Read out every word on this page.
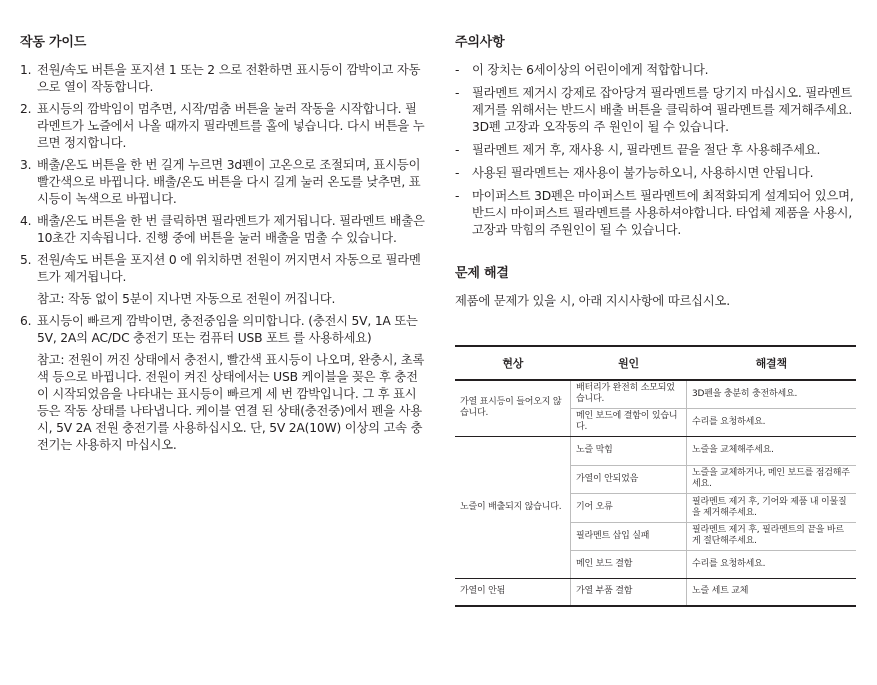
작동 가이드
1. 전원/속도 버튼을 포지션 1 또는 2 으로 전환하면 표시등이 깜박이고 자동으로 열이 작동합니다.
2. 표시등의 깜박임이 멈추면, 시작/멈춤 버튼을 눌러 작동을 시작합니다. 필라멘트가 노즐에서 나올 때까지 필라멘트를 홀에 넣습니다. 다시 버튼을 누르면 정지합니다.
3. 배출/온도 버튼을 한 번 길게 누르면 3d펜이 고온으로 조절되며, 표시등이 빨간색으로 바뀝니다. 배출/온도 버튼을 다시 길게 눌러 온도를 낮추면, 표시등이 녹색으로 바뀝니다.
4. 배출/온도 버튼을 한 번 클릭하면 필라멘트가 제거됩니다. 필라멘트 배출은 10초간 지속됩니다. 진행 중에 버튼을 눌러 배출을 멈출 수 있습니다.
5. 전원/속도 버튼을 포지션 0 에 위치하면 전원이 꺼지면서 자동으로 필라멘트가 제거됩니다.
참고: 작동 없이 5분이 지나면 자동으로 전원이 꺼집니다.
6. 표시등이 빠르게 깜박이면, 충전중임을 의미합니다. (충전시 5V, 1A 또는 5V, 2A의 AC/DC 충전기 또는 컴퓨터 USB 포트 를 사용하세요)
참고: 전원이 꺼진 상태에서 충전시, 빨간색 표시등이 나오며, 완충시, 초록색 등으로 바뀝니다. 전원이 켜진 상태에서는 USB 케이블을 꽂은 후 충전이 시작되었음을 나타내는 표시등이 빠르게 세 번 깜박입니다. 그 후 표시등은 작동 상태를 나타냅니다. 케이블 연결 된 상태(충전중)에서 펜을 사용 시, 5V 2A 전원 충전기를 사용하십시오. 단, 5V 2A(10W) 이상의 고속 충전기는 사용하지 마십시오.
주의사항
- 이 장치는 6세이상의 어린이에게 적합합니다.
- 필라멘트 제거시 강제로 잡아당겨 필라멘트를 당기지 마십시오. 필라멘트 제거를 위해서는 반드시 배출 버튼을 클릭하여 필라멘트를 제거해주세요. 3D펜 고장과 오작동의 주 원인이 될 수 있습니다.
- 필라멘트 제거 후, 재사용 시, 필라멘트 끝을 절단 후 사용해주세요.
- 사용된 필라멘트는 재사용이 불가능하오니, 사용하시면 안됩니다.
- 마이퍼스트 3D펜은 마이퍼스트 필라멘트에 최적화되게 설계되어 있으며, 반드시 마이퍼스트 필라멘트를 사용하셔야합니다. 타업체 제품을 사용시, 고장과 막힘의 주원인이 될 수 있습니다.
문제 해결

제품에 문제가 있을 시, 아래 지시사항에 따르십시오.

현상	원인	해결책
가열 표시등이 들어오지 않습니다.	배터리가 완전히 소모되었습니다.	3D펜을 충분히 충전하세요.
	메인 보드에 결함이 있습니다.	수리를 요청하세요.
노즐이 배출되지 않습니다.	노즐 막힘	노즐을 교체해주세요.
	가열이 안되었음	노즐을 교체하거나, 메인 보드를 점검해주세요.
	기어 오류	필라멘트 제거 후, 기어와 제품 내 이물질을 제거해주세요.
	필라멘트 삽입 실패	필라멘트 제거 후, 필라멘트의 끝을 바르게 절단해주세요.
	메인 보드 결함	수리를 요청하세요.
가열이 안됨	가열 부품 결함	노즐 세트 교체
